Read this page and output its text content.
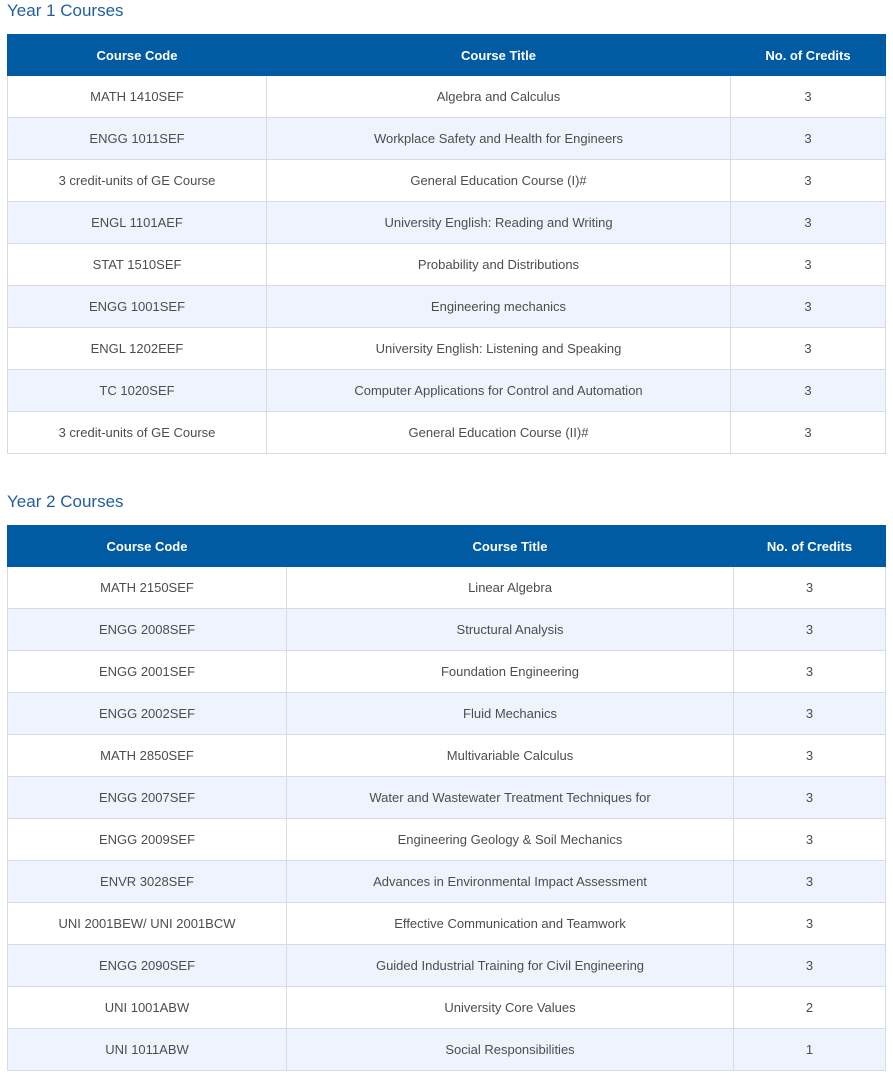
Year 1 Courses
Course Code	Course Title	No. of Credits
MATH 1410SEF	Algebra and Calculus	3
ENGG 1011SEF	Workplace Safety and Health for Engineers	3
3 credit-units of GE Course	General Education Course (I)#	3
ENGL 1101AEF	University English: Reading and Writing	3
STAT 1510SEF	Probability and Distributions	3
ENGG 1001SEF	Engineering mechanics	3
ENGL 1202EEF	University English: Listening and Speaking	3
TC 1020SEF	Computer Applications for Control and Automation	3
3 credit-units of GE Course	General Education Course (II)#	3
Year 2 Courses
Course Code	Course Title	No. of Credits
MATH 2150SEF	Linear Algebra	3
ENGG 2008SEF	Structural Analysis	3
ENGG 2001SEF	Foundation Engineering	3
ENGG 2002SEF	Fluid Mechanics	3
MATH 2850SEF	Multivariable Calculus	3
ENGG 2007SEF	Water and Wastewater Treatment Techniques for	3
ENGG 2009SEF	Engineering Geology & Soil Mechanics	3
ENVR 3028SEF	Advances in Environmental Impact Assessment	3
UNI 2001BEW/ UNI 2001BCW	Effective Communication and Teamwork	3
ENGG 2090SEF	Guided Industrial Training for Civil Engineering	3
UNI 1001ABW	University Core Values	2
UNI 1011ABW	Social Responsibilities	1
